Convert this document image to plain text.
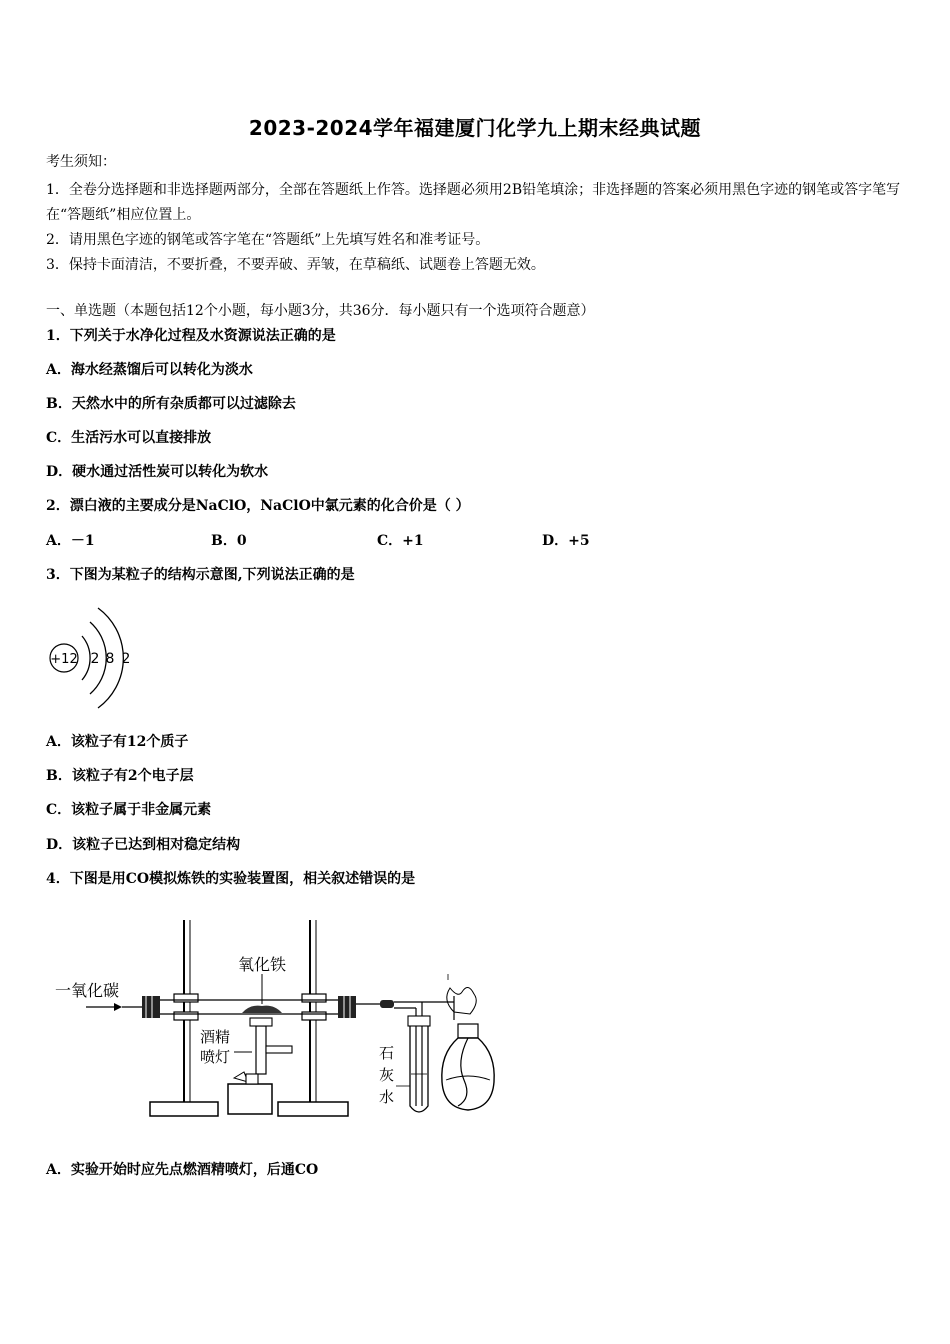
2023-2024学年福建厦门化学九上期末经典试题
考生须知：
1．全卷分选择题和非选择题两部分，全部在答题纸上作答。选择题必须用2B铅笔填涂；非选择题的答案必须用黑色字迹的钢笔或答字笔写在“答题纸”相应位置上。
2．请用黑色字迹的钢笔或答字笔在“答题纸”上先填写姓名和准考证号。
3．保持卡面清洁，不要折叠，不要弄破、弄皱，在草稿纸、试题卷上答题无效。
一、单选题（本题包括12个小题，每小题3分，共36分．每小题只有一个选项符合题意）
1．下列关于水净化过程及水资源说法正确的是
A．海水经蒸馏后可以转化为淡水
B．天然水中的所有杂质都可以过滤除去
C．生活污水可以直接排放
D．硬水通过活性炭可以转化为软水
2．漂白液的主要成分是NaClO，NaClO中氯元素的化合价是（ ）
A．－1	B．0	C．+1	D．+5
3．下图为某粒子的结构示意图,下列说法正确的是
+12 2 8 2
A．该粒子有12个质子
B．该粒子有2个电子层
C．该粒子属于非金属元素
D．该粒子已达到相对稳定结构
4．下图是用CO模拟炼铁的实验装置图，相关叙述错误的是
一氧化碳
氧化铁
酒精
喷灯	石
灰
水
A．实验开始时应先点燃酒精喷灯，后通CO
